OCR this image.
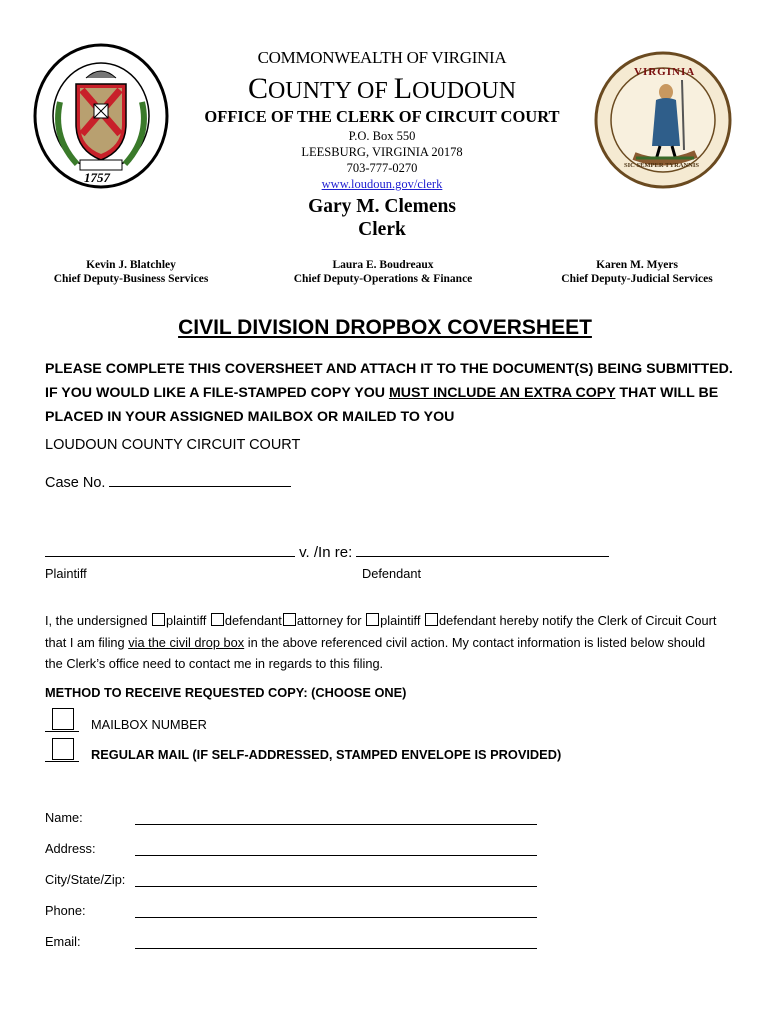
1757
VIRGINIA
SIC SEMPER TYRANNIS
COMMONWEALTH OF VIRGINIA
COUNTY OF LOUDOUN
OFFICE OF THE CLERK OF CIRCUIT COURT
P.O. Box 550
LEESBURG, VIRGINIA 20178
703-777-0270
www.loudoun.gov/clerk
Gary M. Clemens
Clerk
Kevin J. Blatchley
Chief Deputy-Business Services
Laura E. Boudreaux
Chief Deputy-Operations & Finance
Karen M. Myers
Chief Deputy-Judicial Services
CIVIL DIVISION DROPBOX COVERSHEET
PLEASE COMPLETE THIS COVERSHEET AND ATTACH IT TO THE DOCUMENT(S) BEING SUBMITTED. IF YOU WOULD LIKE A FILE-STAMPED COPY YOU MUST INCLUDE AN EXTRA COPY THAT WILL BE PLACED IN YOUR ASSIGNED MAILBOX OR MAILED TO YOU
LOUDOUN COUNTY CIRCUIT COURT
Case No.
v. /In re:
Plaintiff	Defendant
I, the undersigned plaintiff defendant attorney for plaintiff defendant hereby notify the Clerk of Circuit Court that I am filing via the civil drop box in the above referenced civil action. My contact information is listed below should the Clerk’s office need to contact me in regards to this filing.
METHOD TO RECEIVE REQUESTED COPY: (CHOOSE ONE)
MAILBOX NUMBER
REGULAR MAIL (IF SELF-ADDRESSED, STAMPED ENVELOPE IS PROVIDED)
Name:
Address:
City/State/Zip:
Phone:
Email:
